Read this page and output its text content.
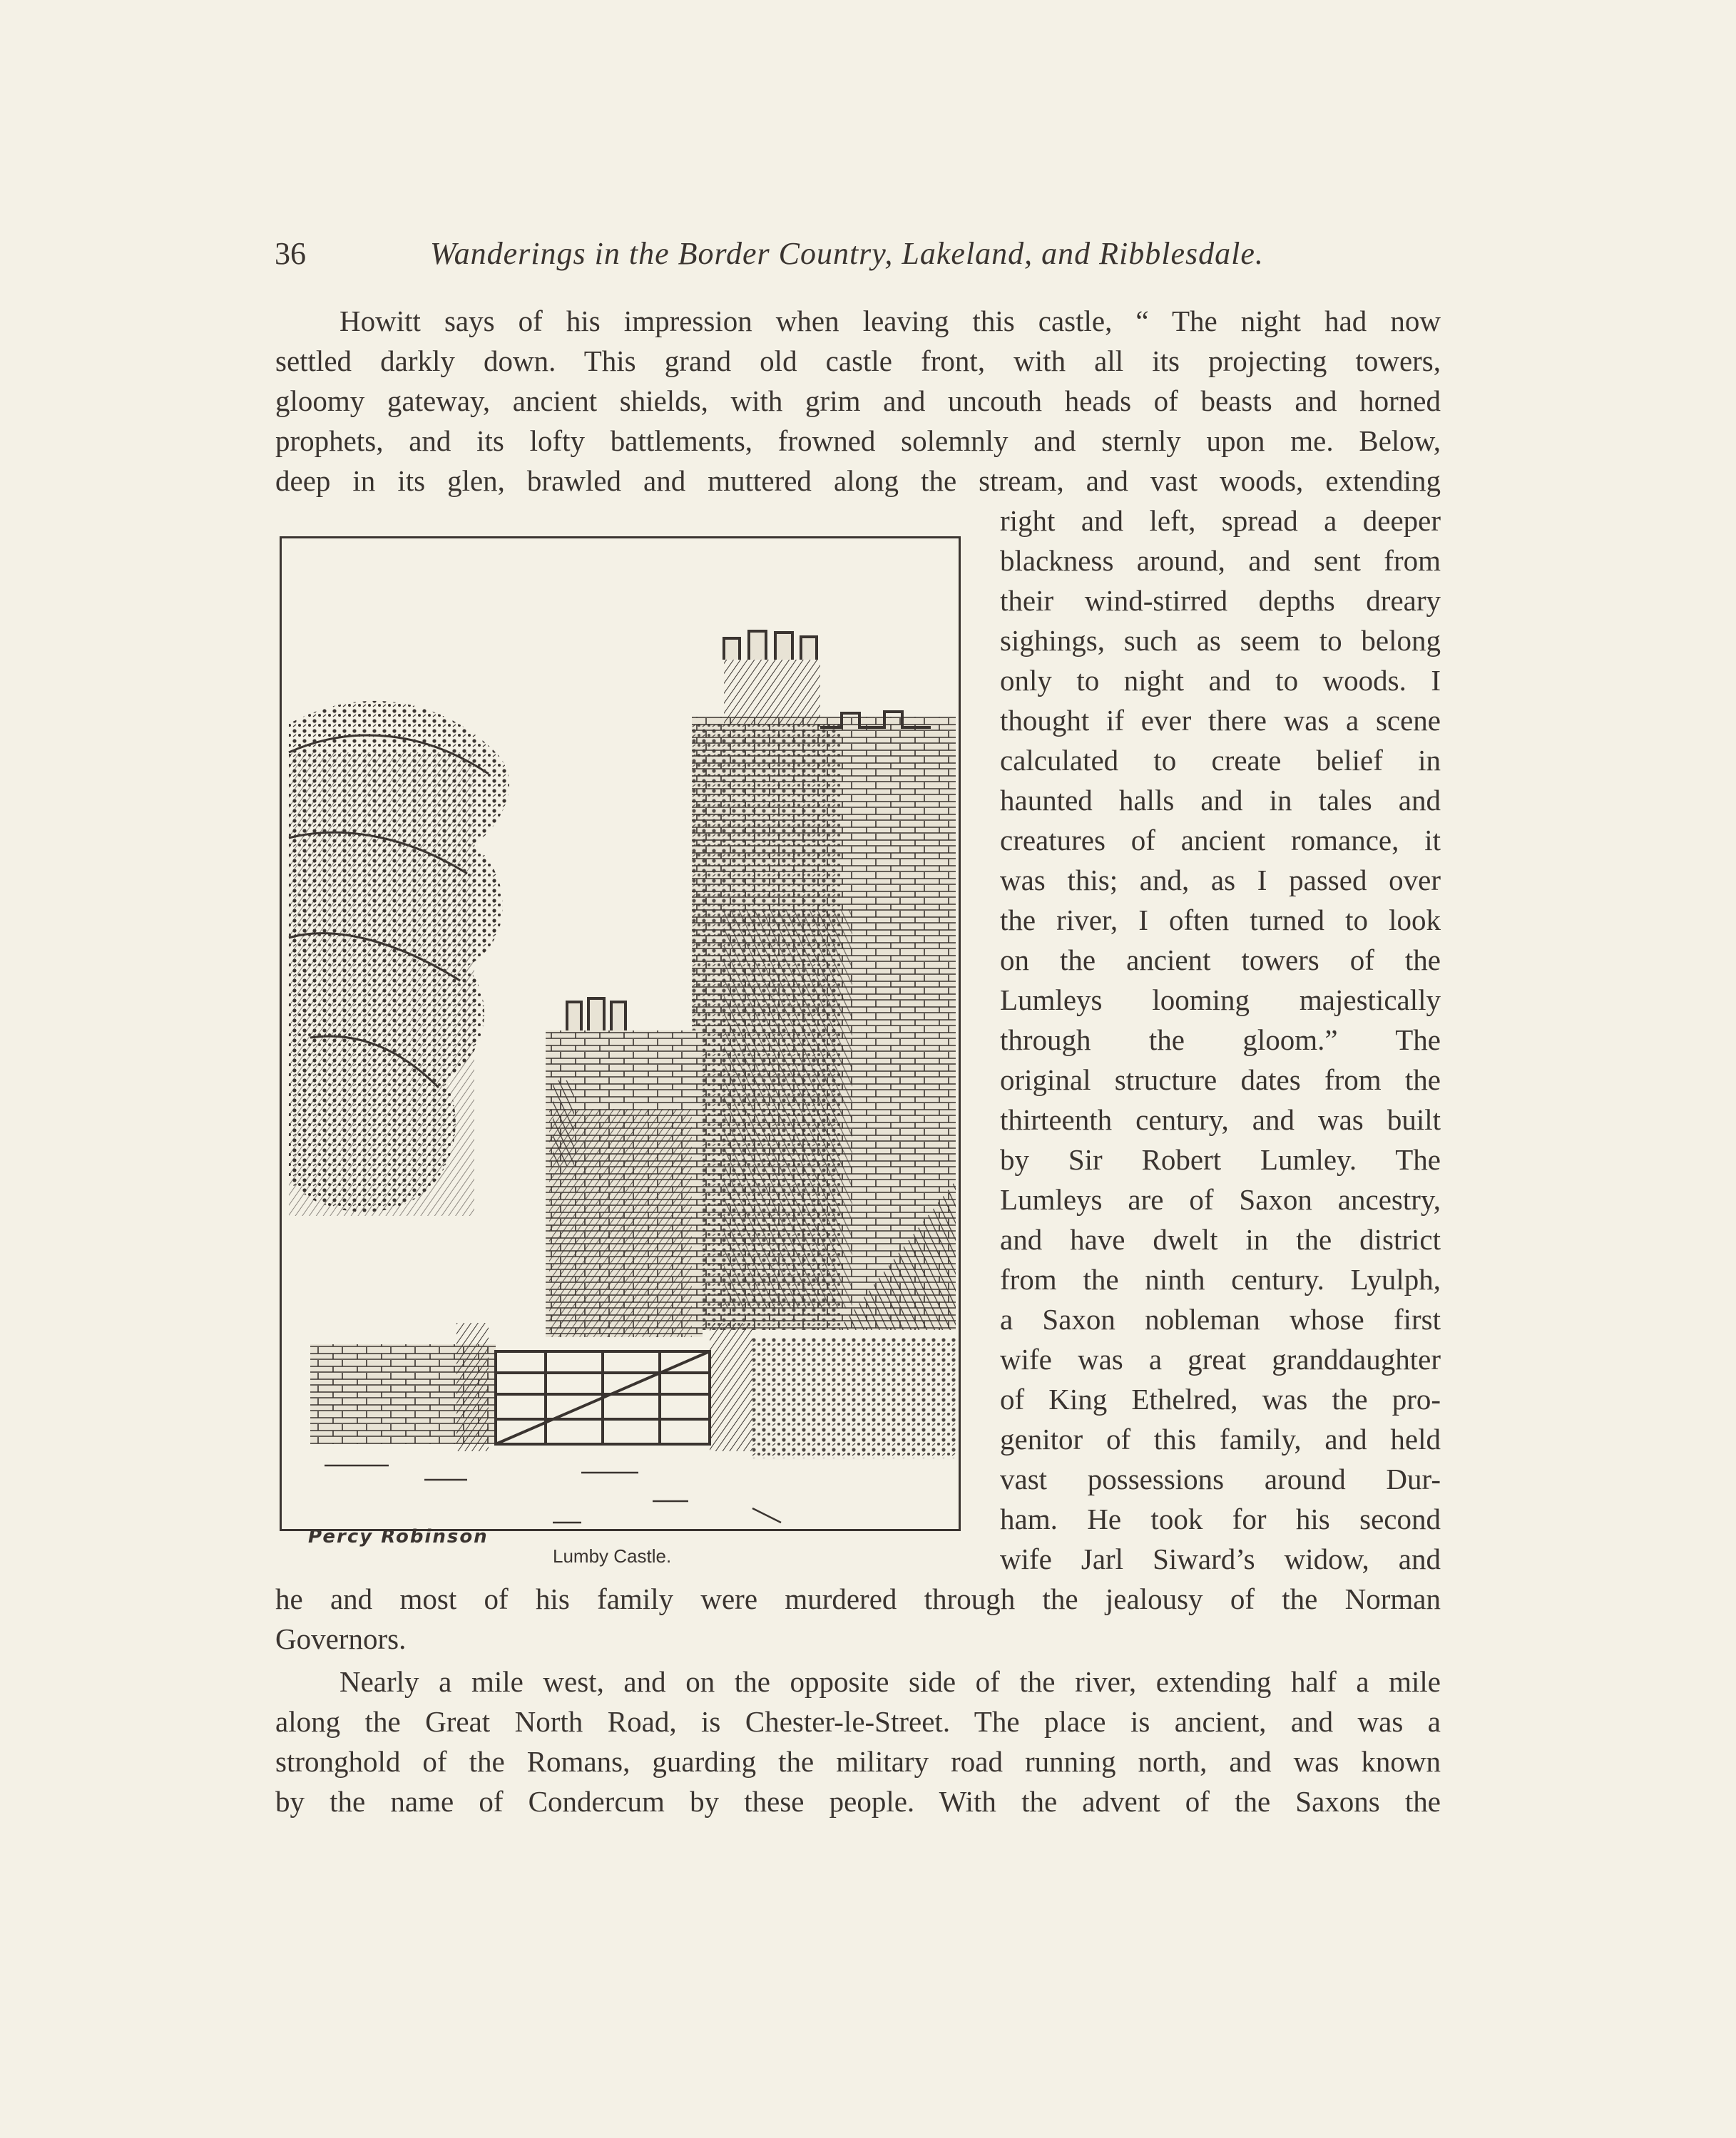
36	Wanderings in the Border Country, Lakeland, and Ribblesdale.
Howitt says of his impression when leaving this castle, “ The night had now
settled darkly down. This grand old castle front, with all its projecting towers,
gloomy gateway, ancient shields, with grim and uncouth heads of beasts and horned
prophets, and its lofty battlements, frowned solemnly and sternly upon me. Below,
deep in its glen, brawled and muttered along the stream, and vast woods, extending
right and left, spread a deeper
blackness around, and sent from
their wind-stirred depths dreary
sighings, such as seem to belong
only to night and to woods. I
thought if ever there was a scene
calculated to create belief in
haunted halls and in tales and
creatures of ancient romance, it
was this; and, as I passed over
the river, I often turned to look
on the ancient towers of the
Lumleys looming majestically
through the gloom.” The
original structure dates from the
thirteenth century, and was built
by Sir Robert Lumley. The
Lumleys are of Saxon ancestry,
and have dwelt in the district
from the ninth century. Lyulph,
a Saxon nobleman whose first
wife was a great granddaughter
of King Ethelred, was the pro-
genitor of this family, and held
vast possessions around Dur-
ham. He took for his second
wife Jarl Siward’s widow, and
Percy Robinson
Lumby Castle.
he and most of his family were murdered through the jealousy of the Norman
Governors.
Nearly a mile west, and on the opposite side of the river, extending half a mile
along the Great North Road, is Chester-le-Street. The place is ancient, and was a
stronghold of the Romans, guarding the military road running north, and was known
by the name of Condercum by these people. With the advent of the Saxons the
